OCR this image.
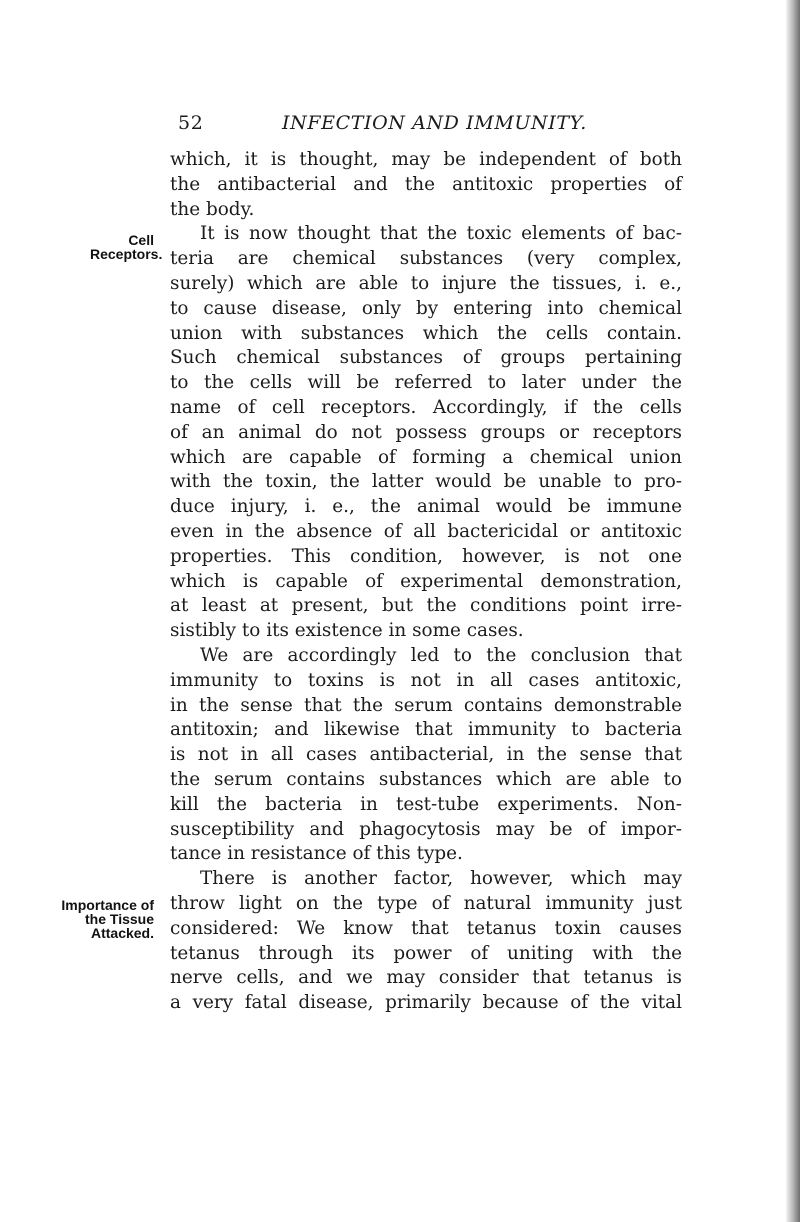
52	INFECTION AND IMMUNITY.
Cell
Receptors.
Importance of
the Tissue
Attacked.
which, it is thought, may be independent of both
the antibacterial and the antitoxic properties of
the body.
It is now thought that the toxic elements of bac-
teria are chemical substances (very complex,
surely) which are able to injure the tissues, i. e.,
to cause disease, only by entering into chemical
union with substances which the cells contain.
Such chemical substances of groups pertaining
to the cells will be referred to later under the
name of cell receptors. Accordingly, if the cells
of an animal do not possess groups or receptors
which are capable of forming a chemical union
with the toxin, the latter would be unable to pro-
duce injury, i. e., the animal would be immune
even in the absence of all bactericidal or antitoxic
properties. This condition, however, is not one
which is capable of experimental demonstration,
at least at present, but the conditions point irre-
sistibly to its existence in some cases.
We are accordingly led to the conclusion that
immunity to toxins is not in all cases antitoxic,
in the sense that the serum contains demonstrable
antitoxin; and likewise that immunity to bacteria
is not in all cases antibacterial, in the sense that
the serum contains substances which are able to
kill the bacteria in test-tube experiments. Non-
susceptibility and phagocytosis may be of impor-
tance in resistance of this type.
There is another factor, however, which may
throw light on the type of natural immunity just
considered: We know that tetanus toxin causes
tetanus through its power of uniting with the
nerve cells, and we may consider that tetanus is
a very fatal disease, primarily because of the vital
